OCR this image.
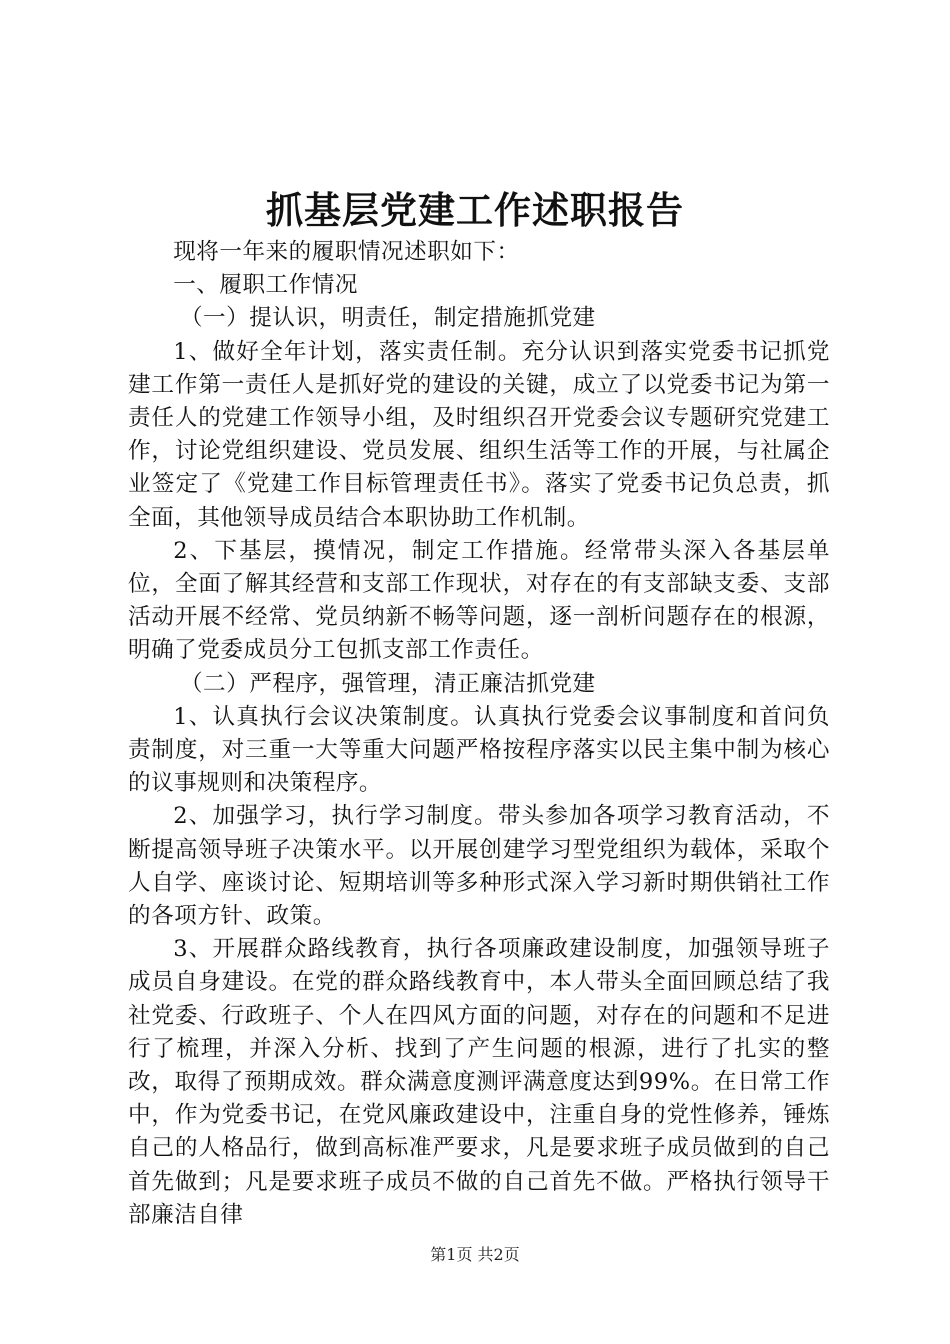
抓基层党建工作述职报告

现将一年来的履职情况述职如下：

一、履职工作情况

（一）提认识，明责任，制定措施抓党建

1、做好全年计划，落实责任制。充分认识到落实党委书记抓党建工作第一责任人是抓好党的建设的关键，成立了以党委书记为第一责任人的党建工作领导小组，及时组织召开党委会议专题研究党建工作，讨论党组织建设、党员发展、组织生活等工作的开展，与社属企业签定了《党建工作目标管理责任书》。落实了党委书记负总责，抓全面，其他领导成员结合本职协助工作机制。

2、下基层，摸情况，制定工作措施。经常带头深入各基层单位，全面了解其经营和支部工作现状，对存在的有支部缺支委、支部活动开展不经常、党员纳新不畅等问题，逐一剖析问题存在的根源，明确了党委成员分工包抓支部工作责任。

（二）严程序，强管理，清正廉洁抓党建

1、认真执行会议决策制度。认真执行党委会议事制度和首问负责制度，对三重一大等重大问题严格按程序落实以民主集中制为核心的议事规则和决策程序。

2、加强学习，执行学习制度。带头参加各项学习教育活动，不断提高领导班子决策水平。以开展创建学习型党组织为载体，采取个人自学、座谈讨论、短期培训等多种形式深入学习新时期供销社工作的各项方针、政策。

3、开展群众路线教育，执行各项廉政建设制度，加强领导班子成员自身建设。在党的群众路线教育中，本人带头全面回顾总结了我社党委、行政班子、个人在四风方面的问题，对存在的问题和不足进行了梳理，并深入分析、找到了产生问题的根源，进行了扎实的整改，取得了预期成效。群众满意度测评满意度达到99%。在日常工作中，作为党委书记，在党风廉政建设中，注重自身的党性修养，锤炼自己的人格品行，做到高标准严要求，凡是要求班子成员做到的自己首先做到；凡是要求班子成员不做的自己首先不做。严格执行领导干部廉洁自律

第1页 共2页
